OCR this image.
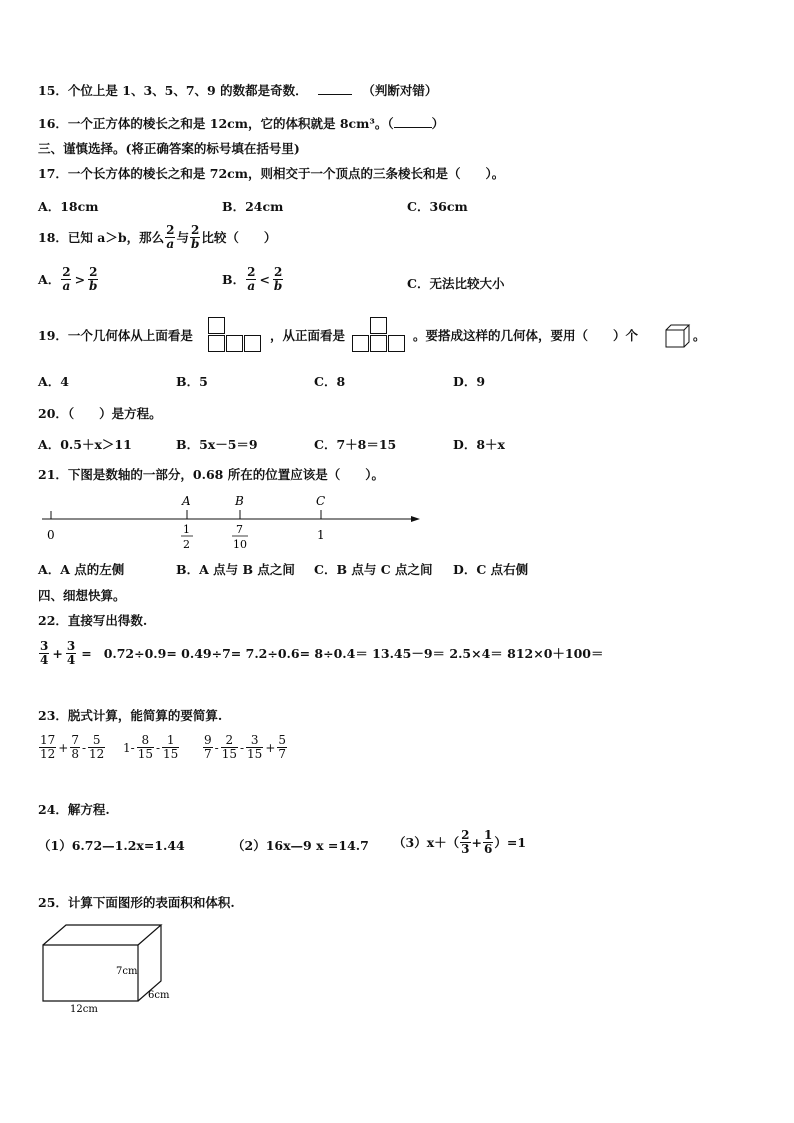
15．个位上是 1、3、5、7、9 的数都是奇数．	（判断对错）
16．一个正方体的棱长之和是 12cm，它的体积就是 8cm³。（	）
三、谨慎选择。(将正确答案的标号填在括号里)
17．一个长方体的棱长之和是 72cm，则相交于一个顶点的三条棱长和是（　　）。
A．18cm	B．24cm	C．36cm
18．已知 a＞b，那么 $\frac{2}{a}$ 与 $\frac{2}{b}$ 比较（　　）
A． $\frac{2}{a} > \frac{2}{b}$	B． $\frac{2}{a} < \frac{2}{b}$	C．无法比较大小
19．一个几何体从上面看是	，从正面看是	。要搭成这样的几何体，要用（　　）个	。
A．4	B．5	C．8	D．9
20．（　　）是方程。
A．0.5＋x＞11	B．5x－5＝9	C．7＋8＝15	D．8＋x
21．下图是数轴的一部分，0.68 所在的位置应该是（　　）。
A	B	C
0	1
2
7
10
1
A．A 点的左侧	B．A 点与 B 点之间 C．B 点与 C 点之间 D．C 点右侧
四、细想快算。
22．直接写出得数.
$\frac{3}{4} + \frac{3}{4} = 0.72\div 0.9= 0.49\div 7= 7.2\div 0.6= 8\div 0.4= 13.45-9= 2.5\times 4= 812\times 0+100=$
23．脱式计算，能简算的要简算.
$\frac{17}{12} + \frac{7}{8} - \frac{5}{12} 1- \frac{8}{15} - \frac{1}{15} \frac{9}{7} - \frac{2}{15} - \frac{3}{15} + \frac{5}{7}$
24．解方程.
（1）6.72—1.2x=1.44	（2）16x—9 x =14.7 $(3)x+( \frac{2}{3} + \frac{1}{6} )=1$
25．计算下面图形的表面积和体积.
7cm
6cm
12cm
